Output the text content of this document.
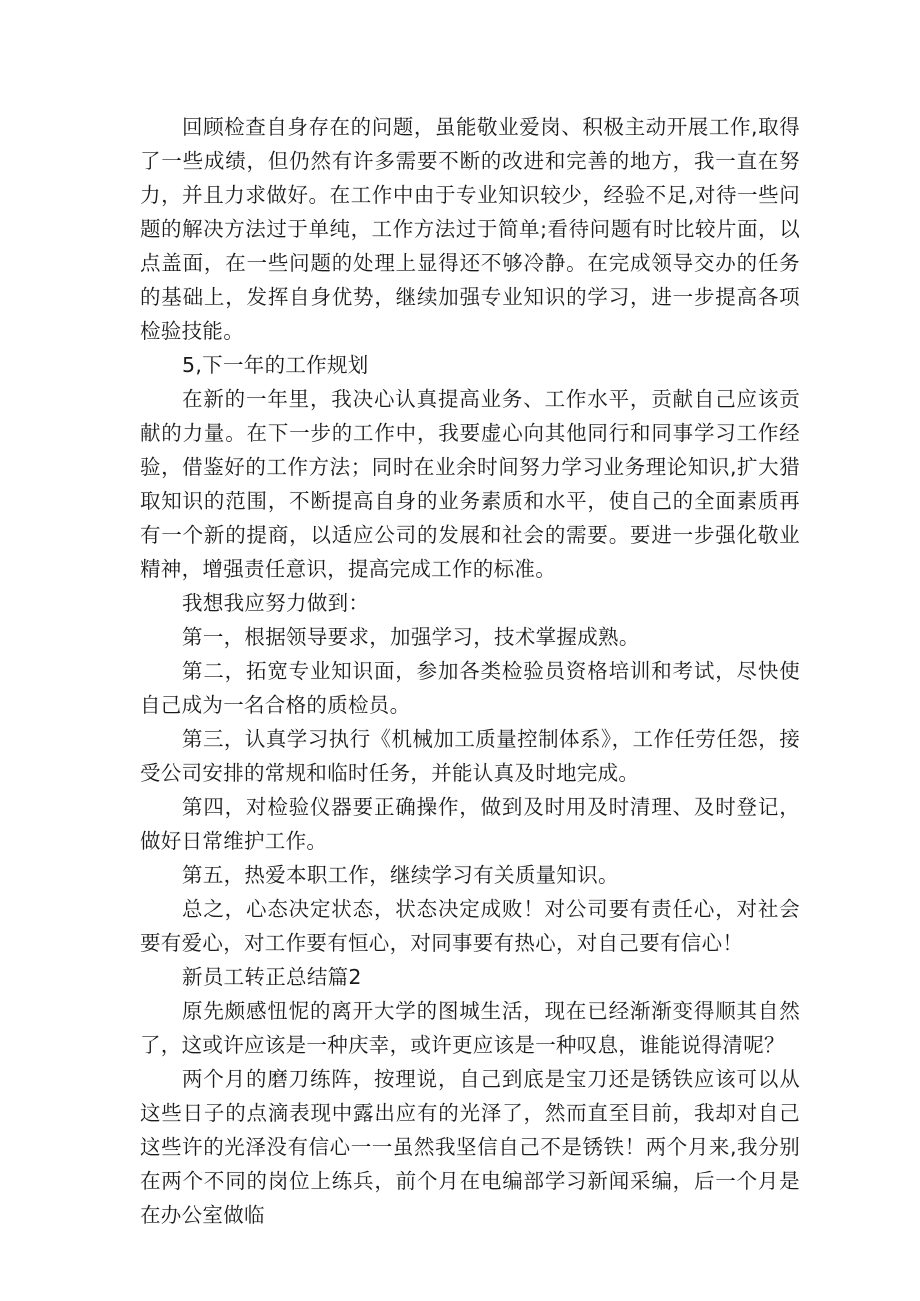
回顾检查自身存在的问题，虽能敬业爱岗、积极主动开展工作,取得了一些成绩，但仍然有许多需要不断的改进和完善的地方，我一直在努力，并且力求做好。在工作中由于专业知识较少，经验不足,对待一些问题的解决方法过于单纯，工作方法过于简单;看待问题有时比较片面，以点盖面，在一些问题的处理上显得还不够冷静。在完成领导交办的任务的基础上，发挥自身优势，继续加强专业知识的学习，进一步提高各项检验技能。

5,下一年的工作规划

在新的一年里，我决心认真提高业务、工作水平，贡献自己应该贡献的力量。在下一步的工作中，我要虚心向其他同行和同事学习工作经验，借鉴好的工作方法；同时在业余时间努力学习业务理论知识,扩大猎取知识的范围，不断提高自身的业务素质和水平，使自己的全面素质再有一个新的提商，以适应公司的发展和社会的需要。要进一步强化敬业精神，增强责任意识，提高完成工作的标准。

我想我应努力做到：

第一，根据领导要求，加强学习，技术掌握成熟。

第二，拓宽专业知识面，参加各类检验员资格培训和考试，尽快使自己成为一名合格的质检员。

第三，认真学习执行《机械加工质量控制体系》，工作任劳任怨，接受公司安排的常规和临时任务，并能认真及时地完成。

第四，对检验仪器要正确操作，做到及时用及时清理、及时登记，做好日常维护工作。

第五，热爱本职工作，继续学习有关质量知识。

总之，心态决定状态，状态决定成败！对公司要有责任心，对社会要有爱心，对工作要有恒心，对同事要有热心，对自己要有信心！

新员工转正总结篇2

原先颇感忸怩的离开大学的图城生活，现在已经渐渐变得顺其自然了，这或许应该是一种庆幸，或许更应该是一种叹息，谁能说得清呢？

两个月的磨刀练阵，按理说，自己到底是宝刀还是锈铁应该可以从这些日子的点滴表现中露出应有的光泽了，然而直至目前，我却对自己这些许的光泽没有信心一一虽然我坚信自己不是锈铁！两个月来,我分别在两个不同的岗位上练兵，前个月在电编部学习新闻采编，后一个月是在办公室做临
